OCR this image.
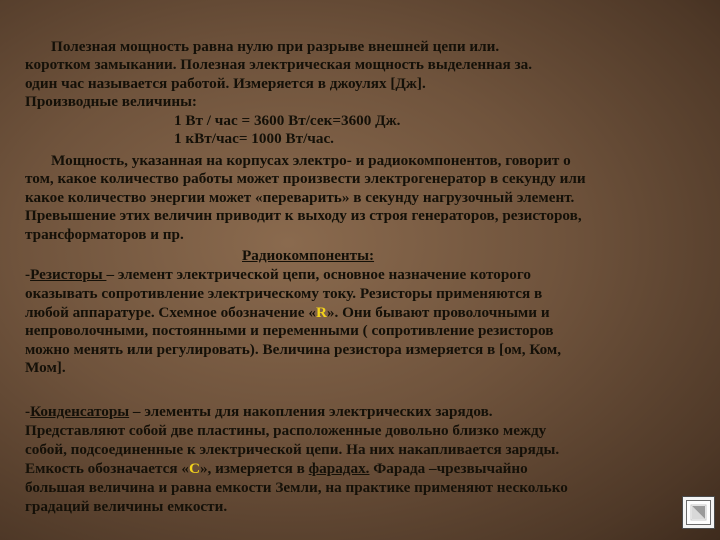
Полезная мощность равна нулю при разрыве внешней цепи или.
коротком замыкании. Полезная электрическая мощность выделенная за.
один час называется работой. Измеряется в джоулях [Дж].
Производные величины:
1 Вт / час = 3600 Вт/сек=3600 Дж.
1 кВт/час= 1000 Вт/час.
Мощность, указанная на корпусах электро- и радиокомпонентов, говорит о
том, какое количество работы может произвести электрогенератор в секунду или
какое количество энергии может «переварить» в секунду нагрузочный элемент.
Превышение этих величин приводит к выходу из строя генераторов, резисторов,
трансформаторов и пр.
Радиокомпоненты:
-Резисторы – элемент электрической цепи, основное назначение которого
оказывать сопротивление электрическому току. Резисторы применяются в
любой аппаратуре. Схемное обозначение «R». Они бывают проволочными и
непроволочными, постоянными и переменными ( сопротивление резисторов
можно менять или регулировать). Величина резистора измеряется в [ом, Ком,
Мом].
-Конденсаторы – элементы для накопления электрических зарядов.
Представляют собой две пластины, расположенные довольно близко между
собой, подсоединенные к электрической цепи. На них накапливается заряды.
Емкость обозначается «С», измеряется в фарадах. Фарада –чрезвычайно
большая величина и равна емкости Земли, на практике применяют несколько
градаций величины емкости.
